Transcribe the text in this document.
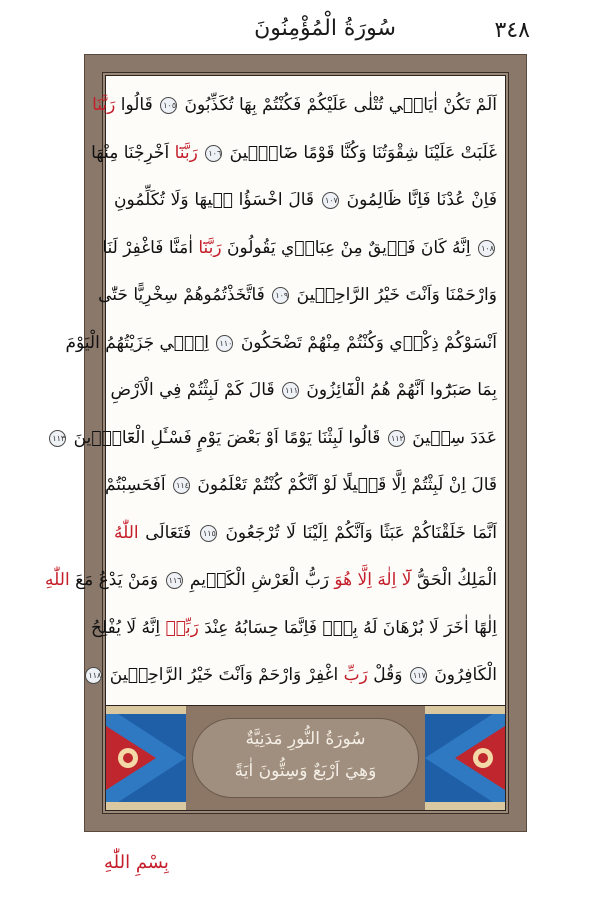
سُورَةُ الْمُؤْمِنُونَ	٣٤٨
اَلَمْ تَكُنْ اٰيَات۪ي تُتْلٰى عَلَيْكُمْ فَكُنْتُمْ بِهَا تُكَذِّبُونَ ١٠٥ قَالُوا رَبَّنَا
غَلَبَتْ عَلَيْنَا شِقْوَتُنَا وَكُنَّا قَوْمًا ضَٓالّ۪ينَ ١٠٦ رَبَّنَٓا اَخْرِجْنَا مِنْهَا
فَاِنْ عُدْنَا فَاِنَّا ظَالِمُونَ ١٠٧ قَالَ اخْسَؤُا ف۪يهَا وَلَا تُكَلِّمُونِ
١٠٨ اِنَّهُ كَانَ فَر۪يقٌ مِنْ عِبَاد۪ي يَقُولُونَ رَبَّنَٓا اٰمَنَّا فَاغْفِرْ لَنَا
وَارْحَمْنَا وَاَنْتَ خَيْرُ الرَّاحِم۪ينَ ١٠٩ فَاتَّخَذْتُمُوهُمْ سِخْرِيًّا حَتّٰى
اَنْسَوْكُمْ ذِكْر۪ي وَكُنْتُمْ مِنْهُمْ تَضْحَكُونَ ١١٠ اِنّ۪ي جَزَيْتُهُمُ الْيَوْمَ
بِمَا صَبَرُٓوا اَنَّهُمْ هُمُ الْفَٓائِزُونَ ١١١ قَالَ كَمْ لَبِثْتُمْ فِي الْاَرْضِ
عَدَدَ سِن۪ينَ ١١٢ قَالُوا لَبِثْنَا يَوْمًا اَوْ بَعْضَ يَوْمٍ فَسْـَٔلِ الْعَٓادّ۪ينَ ١١٣
قَالَ اِنْ لَبِثْتُمْ اِلَّا قَل۪يلًا لَوْ اَنَّكُمْ كُنْتُمْ تَعْلَمُونَ ١١٤ اَفَحَسِبْتُمْ
اَنَّمَا خَلَقْنَاكُمْ عَبَثًا وَاَنَّكُمْ اِلَيْنَا لَا تُرْجَعُونَ ١١٥ فَتَعَالَى اللّٰهُ
الْمَلِكُ الْحَقُّ لَٓا اِلٰهَ اِلَّا هُوَ رَبُّ الْعَرْشِ الْكَر۪يمِ ١١٦ وَمَنْ يَدْعُ مَعَ اللّٰهِ
اِلٰهًا اٰخَرَ لَا بُرْهَانَ لَهُ بِه۪ۙ فَاِنَّمَا حِسَابُهُ عِنْدَ رَبِّه۪ اِنَّهُ لَا يُفْلِحُ
الْكَافِرُونَ ١١٧ وَقُلْ رَبِّ اغْفِرْ وَارْحَمْ وَاَنْتَ خَيْرُ الرَّاحِم۪ينَ ١١٨
سُورَةُ النُّورِ مَدَنِيَّةٌ
وَهِيَ اَرْبَعٌ وَسِتُّونَ اٰيَةً
بِسْمِ اللّٰهِ
